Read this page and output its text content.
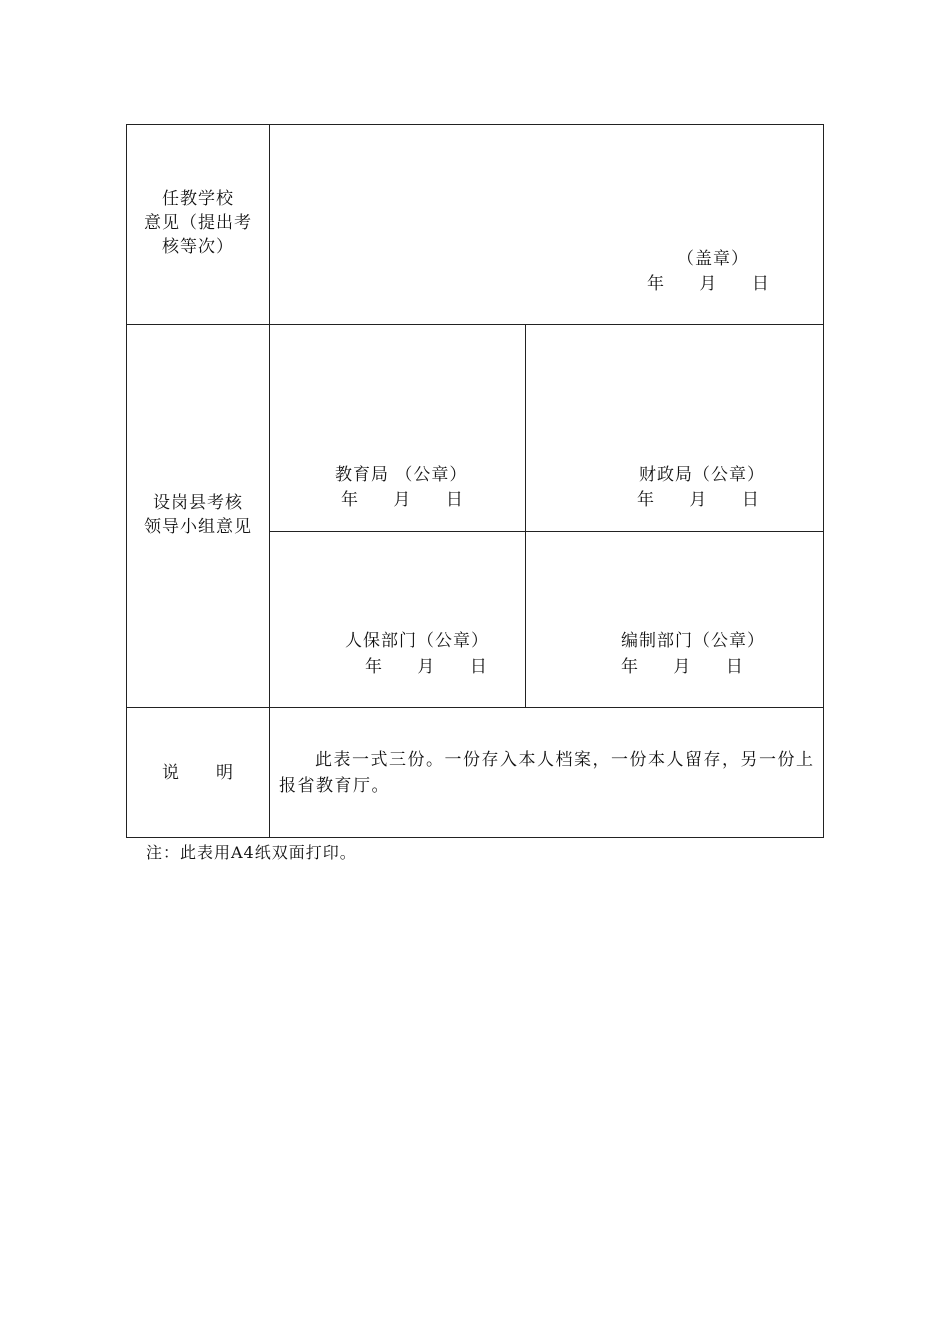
任教学校
意见（提出考
核等次）
（盖章）
年 月 日
设岗县考核
领导小组意见
教育局 （公章）
年 月 日
财政局（公章）
年 月 日
人保部门（公章）
年 月 日
编制部门（公章）
年 月 日
说　　明
此表一式三份。一份存入本人档案，一份本人留存，另一份上报省教育厅。
注：此表用A4纸双面打印。
